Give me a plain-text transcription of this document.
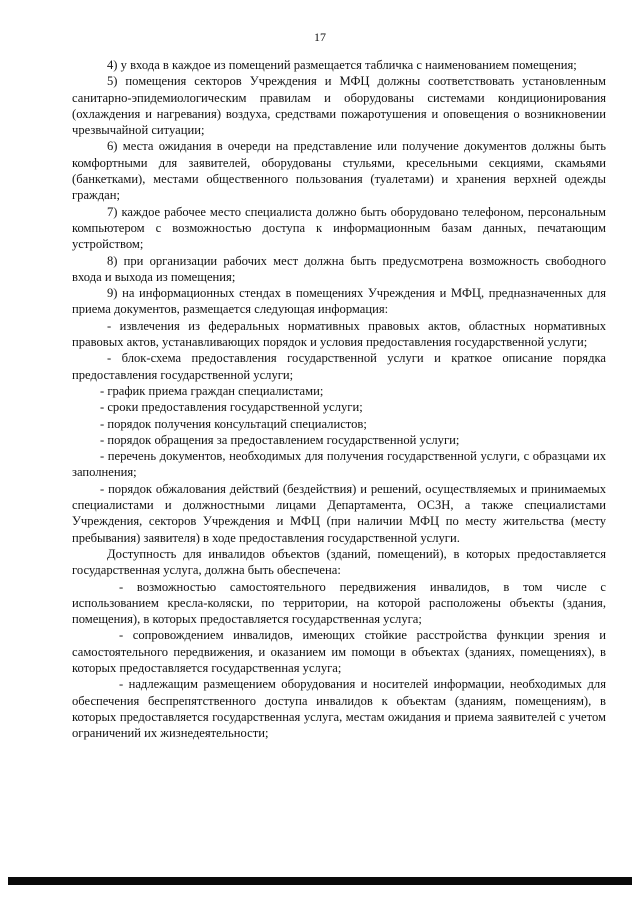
17

4) у входа в каждое из помещений размещается табличка с наименованием помещения;

5) помещения секторов Учреждения и МФЦ должны соответствовать установленным санитарно-эпидемиологическим правилам и оборудованы системами кондиционирования (охлаждения и нагревания) воздуха, средствами пожаротушения и оповещения о возникновении чрезвычайной ситуации;

6) места ожидания в очереди на представление или получение документов должны быть комфортными для заявителей, оборудованы стульями, кресельными секциями, скамьями (банкетками), местами общественного пользования (туалетами) и хранения верхней одежды граждан;

7) каждое рабочее место специалиста должно быть оборудовано телефоном, персональным компьютером с возможностью доступа к информационным базам данных, печатающим устройством;

8) при организации рабочих мест должна быть предусмотрена возможность свободного входа и выхода из помещения;

9) на информационных стендах в помещениях Учреждения и МФЦ, предназначенных для приема документов, размещается следующая информация:

- извлечения из федеральных нормативных правовых актов, областных нормативных правовых актов, устанавливающих порядок и условия предоставления государственной услуги;

- блок-схема предоставления государственной услуги и краткое описание порядка предоставления государственной услуги;

- график приема граждан специалистами;

- сроки предоставления государственной услуги;

- порядок получения консультаций специалистов;

- порядок обращения за предоставлением государственной услуги;

- перечень документов, необходимых для получения государственной услуги, с образцами их заполнения;

- порядок обжалования действий (бездействия) и решений, осуществляемых и принимаемых специалистами и должностными лицами Департамента, ОСЗН, а также специалистами Учреждения, секторов Учреждения и МФЦ (при наличии МФЦ по месту жительства (месту пребывания) заявителя) в ходе предоставления государственной услуги.

Доступность для инвалидов объектов (зданий, помещений), в которых предоставляется государственная услуга, должна быть обеспечена:

- возможностью самостоятельного передвижения инвалидов, в том числе с использованием кресла-коляски, по территории, на которой расположены объекты (здания, помещения), в которых предоставляется государственная услуга;

- сопровождением инвалидов, имеющих стойкие расстройства функции зрения и самостоятельного передвижения, и оказанием им помощи в объектах (зданиях, помещениях), в которых предоставляется государственная услуга;

- надлежащим размещением оборудования и носителей информации, необходимых для обеспечения беспрепятственного доступа инвалидов к объектам (зданиям, помещениям), в которых предоставляется государственная услуга, местам ожидания и приема заявителей с учетом ограничений их жизнедеятельности;
